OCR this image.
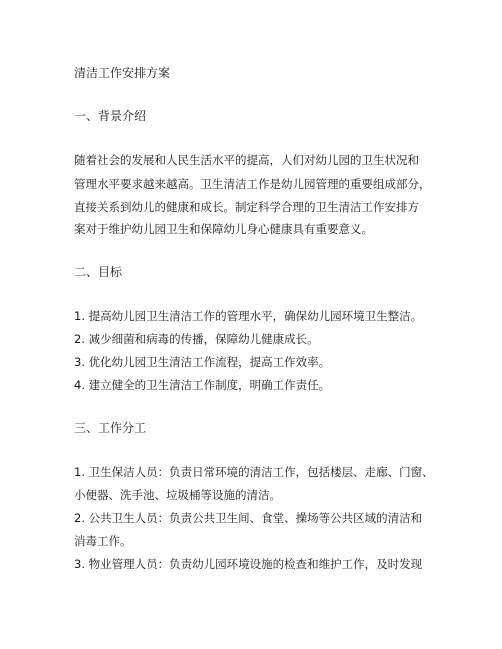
清洁工作安排方案
一、背景介绍
随着社会的发展和人民生活水平的提高，人们对幼儿园的卫生状况和
管理水平要求越来越高。卫生清洁工作是幼儿园管理的重要组成部分，
直接关系到幼儿的健康和成长。制定科学合理的卫生清洁工作安排方
案对于维护幼儿园卫生和保障幼儿身心健康具有重要意义。
二、目标
1. 提高幼儿园卫生清洁工作的管理水平，确保幼儿园环境卫生整洁。
2. 减少细菌和病毒的传播，保障幼儿健康成长。
3. 优化幼儿园卫生清洁工作流程，提高工作效率。
4. 建立健全的卫生清洁工作制度，明确工作责任。
三、工作分工
1. 卫生保洁人员：负责日常环境的清洁工作，包括楼层、走廊、门窗、
小便器、洗手池、垃圾桶等设施的清洁。
2. 公共卫生人员：负责公共卫生间、食堂、操场等公共区域的清洁和
消毒工作。
3. 物业管理人员：负责幼儿园环境设施的检查和维护工作，及时发现
